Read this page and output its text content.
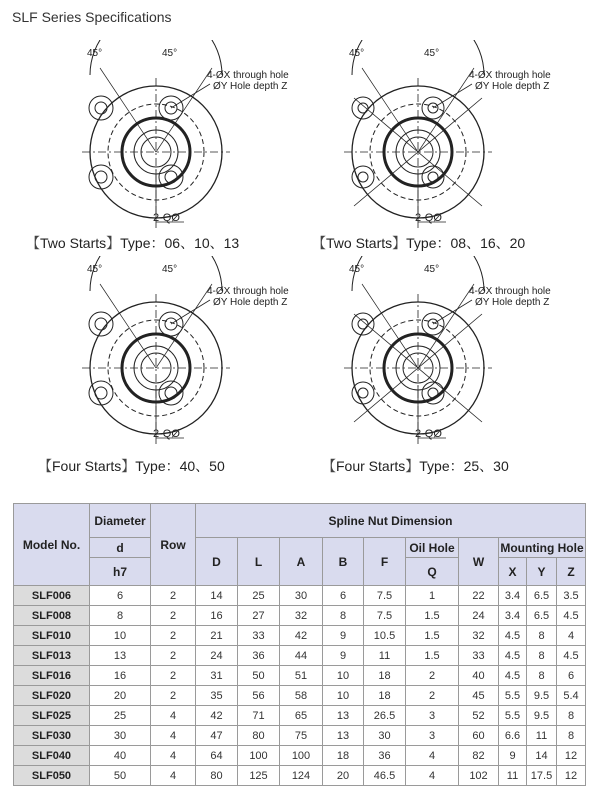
SLF Series Specifications
45°	45°
4-ØX through hole
ØY Hole depth Z
2-QØ
【Two Starts】Type：06、10、13
45°	45°
4-ØX through hole
ØY Hole depth Z
2-QØ
【Two Starts】Type：08、16、20
45°	45°
4-ØX through hole
ØY Hole depth Z
2-QØ
【Four Starts】Type：40、50
45°	45°
4-ØX through hole
ØY Hole depth Z
2-QØ
【Four Starts】Type：25、30
Model No.	Diameter	Row	Spline Nut Dimension									
	d		D	L	A	B	F	Oil Hole	W	Mounting Hole		
	h7							Q		X	Y	Z
SLF006	6	2	14	25	30	6	7.5	1	22	3.4	6.5	3.5
SLF008	8	2	16	27	32	8	7.5	1.5	24	3.4	6.5	4.5
SLF010	10	2	21	33	42	9	10.5	1.5	32	4.5	8	4
SLF013	13	2	24	36	44	9	11	1.5	33	4.5	8	4.5
SLF016	16	2	31	50	51	10	18	2	40	4.5	8	6
SLF020	20	2	35	56	58	10	18	2	45	5.5	9.5	5.4
SLF025	25	4	42	71	65	13	26.5	3	52	5.5	9.5	8
SLF030	30	4	47	80	75	13	30	3	60	6.6	11	8
SLF040	40	4	64	100	100	18	36	4	82	9	14	12
SLF050	50	4	80	125	124	20	46.5	4	102	11	17.5	12
